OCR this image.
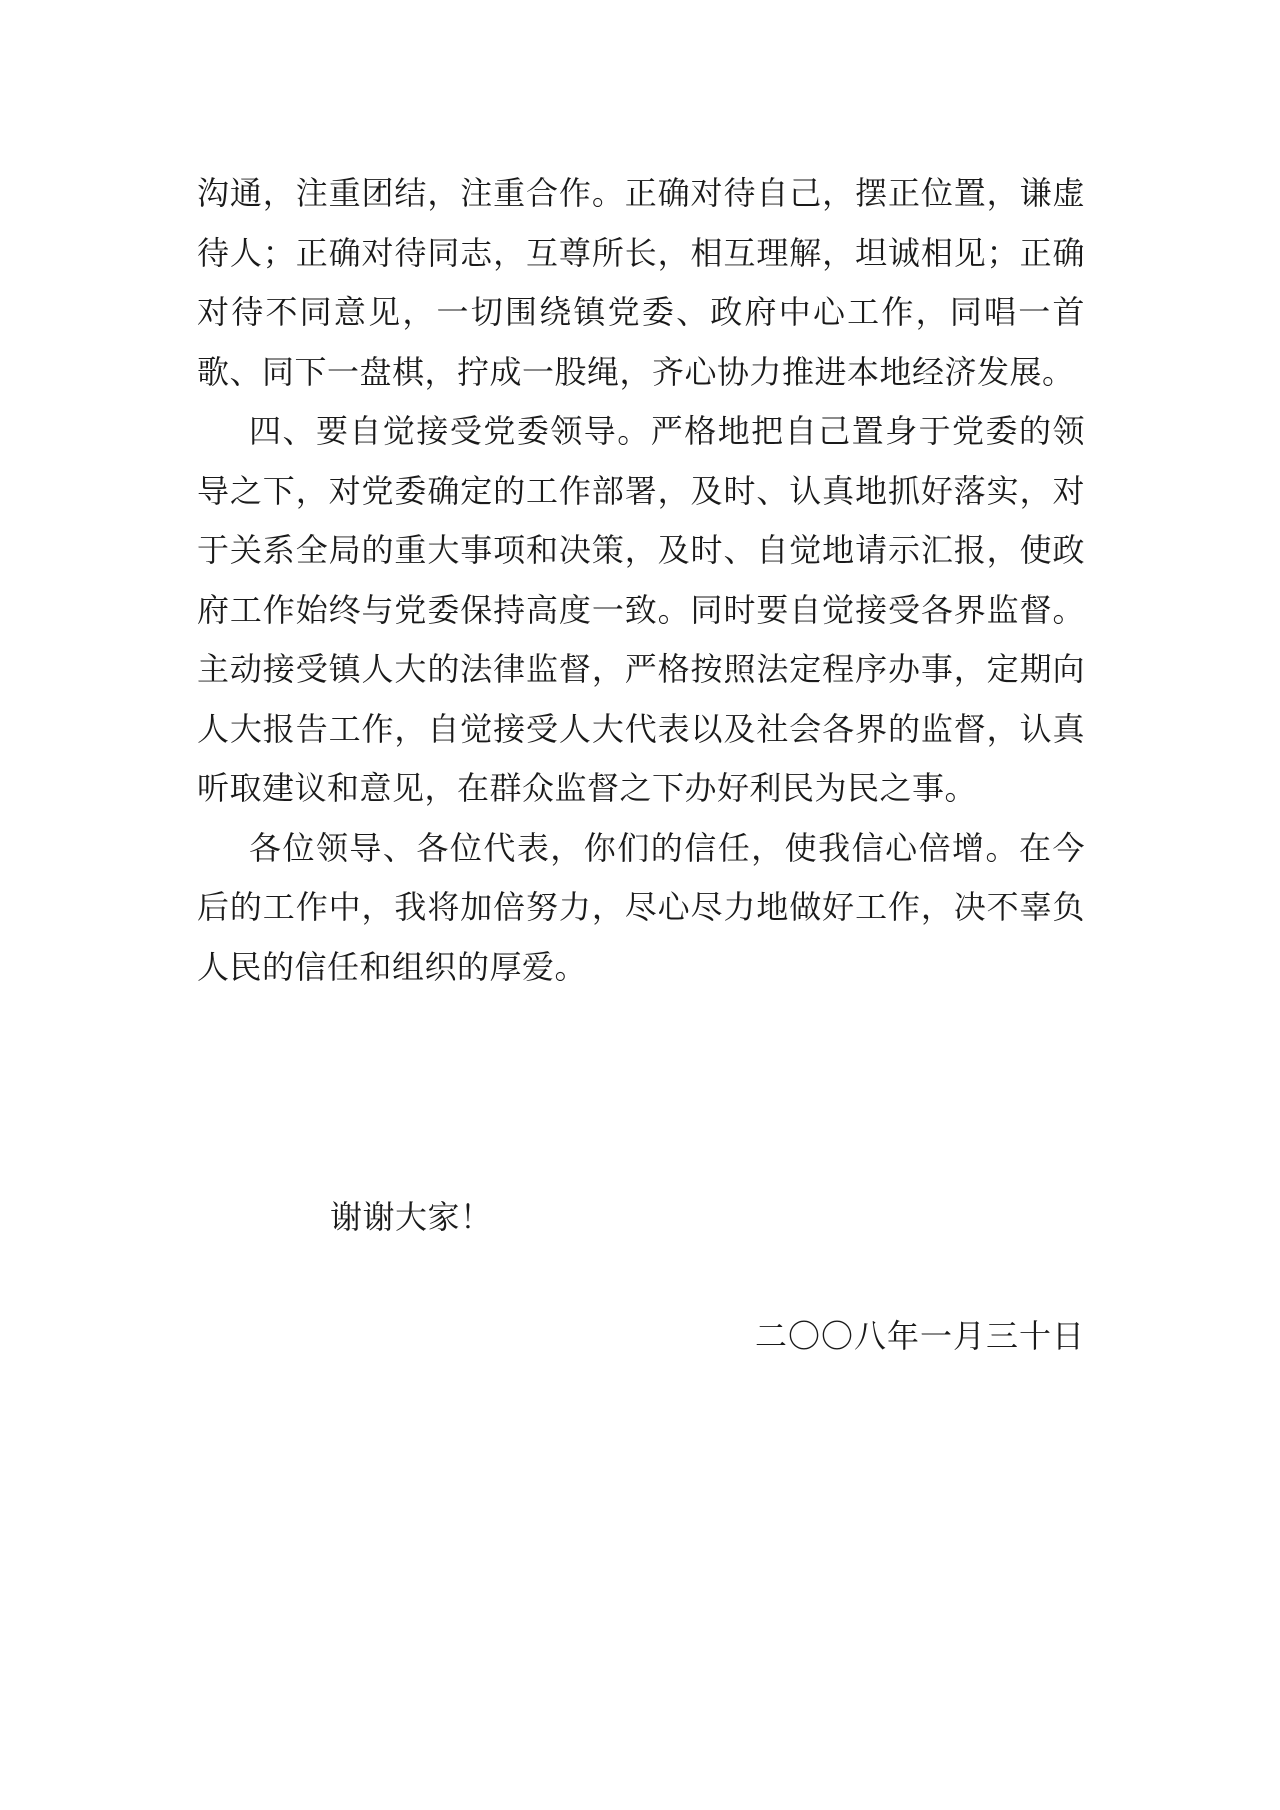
沟通，注重团结，注重合作。正确对待自己，摆正位置，谦虚待人；正确对待同志，互尊所长，相互理解，坦诚相见；正确对待不同意见，一切围绕镇党委、政府中心工作，同唱一首歌、同下一盘棋，拧成一股绳，齐心协力推进本地经济发展。

四、要自觉接受党委领导。严格地把自己置身于党委的领导之下，对党委确定的工作部署，及时、认真地抓好落实，对于关系全局的重大事项和决策，及时、自觉地请示汇报，使政府工作始终与党委保持高度一致。同时要自觉接受各界监督。主动接受镇人大的法律监督，严格按照法定程序办事，定期向人大报告工作，自觉接受人大代表以及社会各界的监督，认真听取建议和意见，在群众监督之下办好利民为民之事。

各位领导、各位代表，你们的信任，使我信心倍增。在今后的工作中，我将加倍努力，尽心尽力地做好工作，决不辜负人民的信任和组织的厚爱。

谢谢大家！

二〇〇八年一月三十日
